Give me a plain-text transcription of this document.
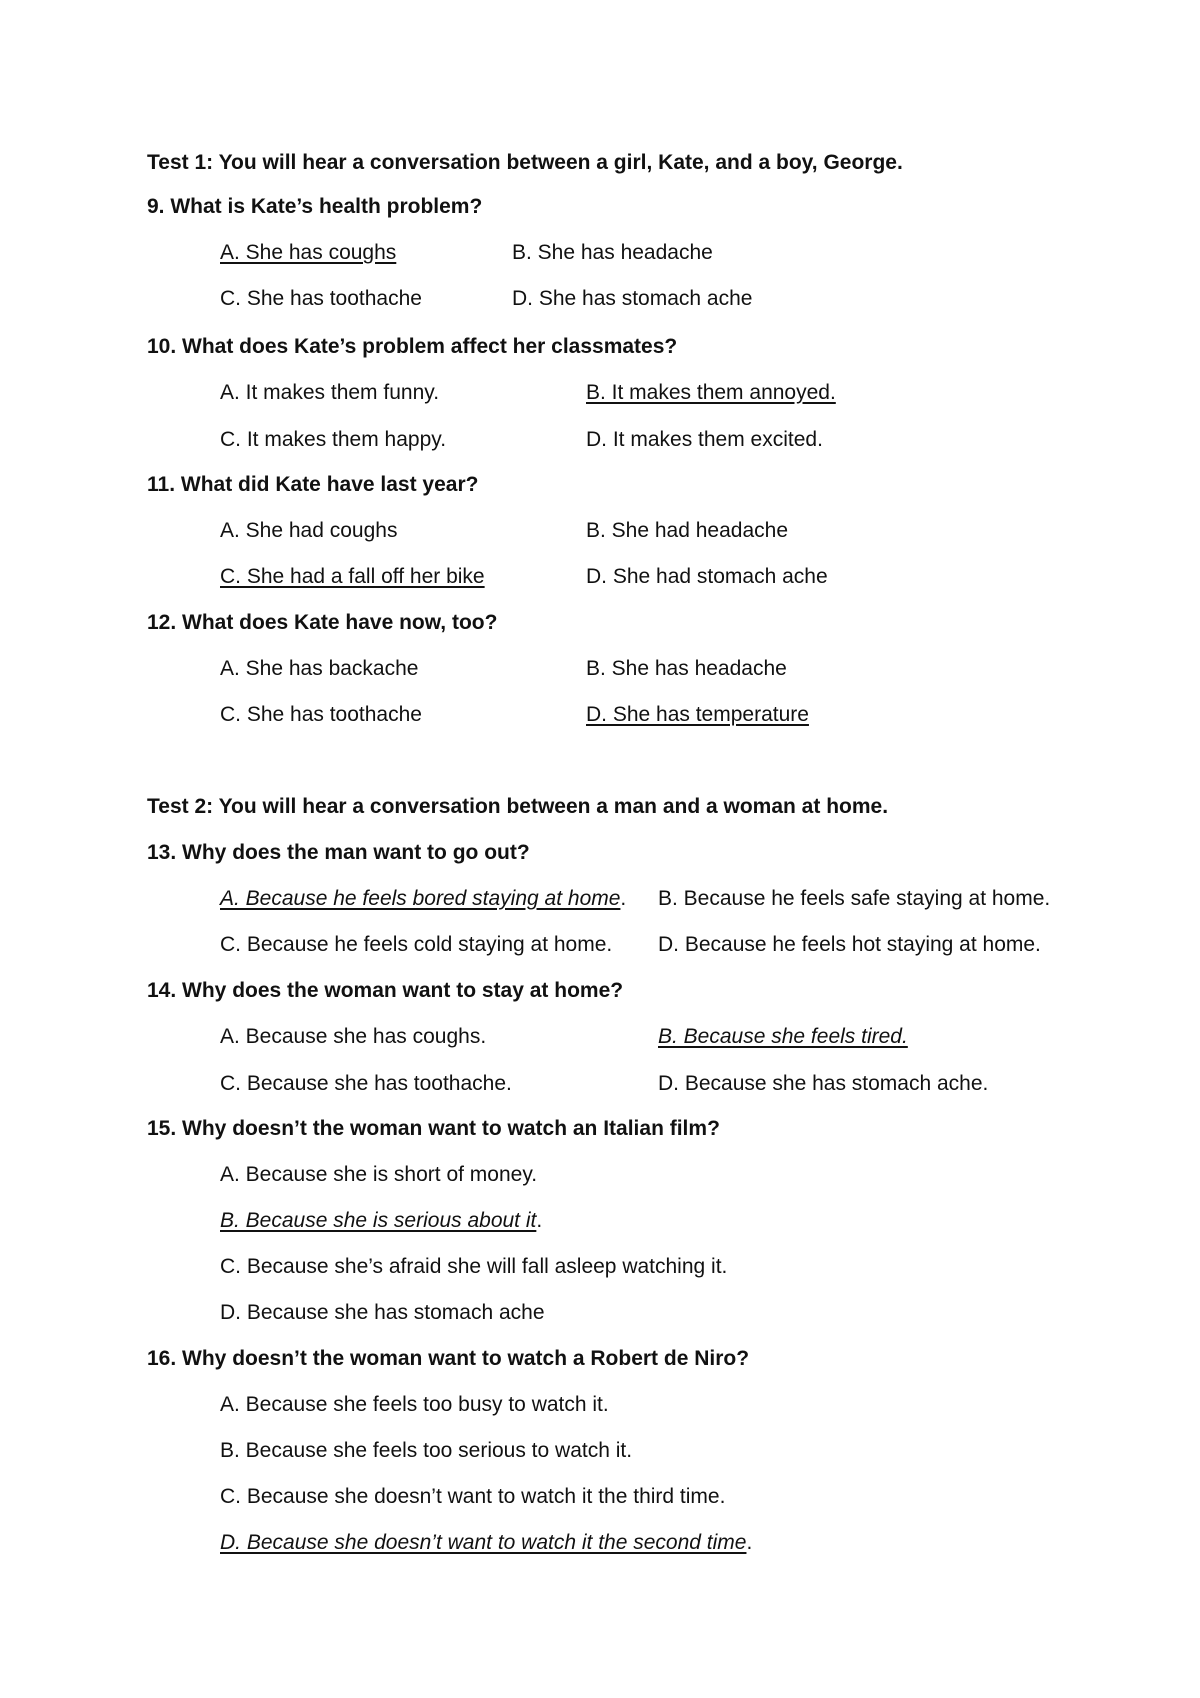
Test 1: You will hear a conversation between a girl, Kate, and a boy, George.
9. What is Kate’s health problem?
A. She has coughs	B. She has headache
C. She has toothache	D. She has stomach ache
10. What does Kate’s problem affect her classmates?
A. It makes them funny.	B. It makes them annoyed.
C. It makes them happy.	D. It makes them excited.
11. What did Kate have last year?
A. She had coughs	B. She had headache
C. She had a fall off her bike	D. She had stomach ache
12. What does Kate have now, too?
A. She has backache	B. She has headache
C. She has toothache	D. She has temperature
Test 2: You will hear a conversation between a man and a woman at home.
13. Why does the man want to go out?
A. Because he feels bored staying at home. B. Because he feels safe staying at home.
C. Because he feels cold staying at home. D. Because he feels hot staying at home.
14. Why does the woman want to stay at home?
A. Because she has coughs.	B. Because she feels tired.
C. Because she has toothache.	D. Because she has stomach ache.
15. Why doesn’t the woman want to watch an Italian film?
A. Because she is short of money.
B. Because she is serious about it.
C. Because she’s afraid she will fall asleep watching it.
D. Because she has stomach ache
16. Why doesn’t the woman want to watch a Robert de Niro?
A. Because she feels too busy to watch it.
B. Because she feels too serious to watch it.
C. Because she doesn’t want to watch it the third time.
D. Because she doesn’t want to watch it the second time.
